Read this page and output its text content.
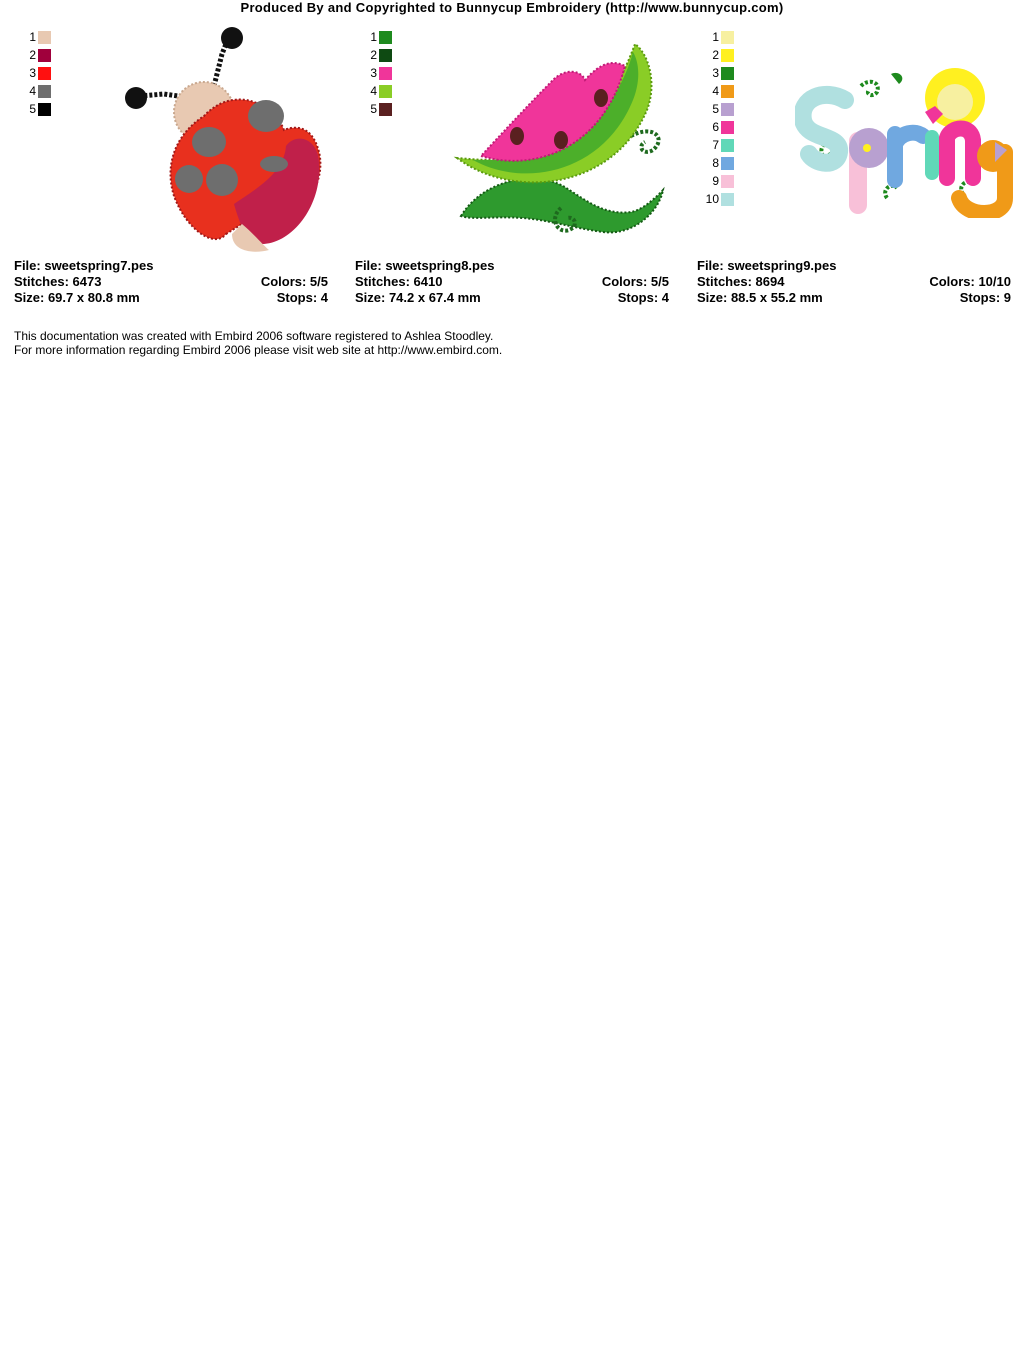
Produced By and Copyrighted to Bunnycup Embroidery (http://www.bunnycup.com)
1
2
3
4
5
File: sweetspring7.pes
Stitches: 6473	Colors: 5/5
Size: 69.7 x 80.8 mm	Stops: 4
1
2
3
4
5
File: sweetspring8.pes
Stitches: 6410	Colors: 5/5
Size: 74.2 x 67.4 mm	Stops: 4
1
2
3
4
5
6
7
8
9
10
File: sweetspring9.pes
Stitches: 8694	Colors: 10/10
Size: 88.5 x 55.2 mm	Stops: 9
This documentation was created with Embird 2006 software registered to Ashlea Stoodley.
For more information regarding Embird 2006 please visit web site at http://www.embird.com.
